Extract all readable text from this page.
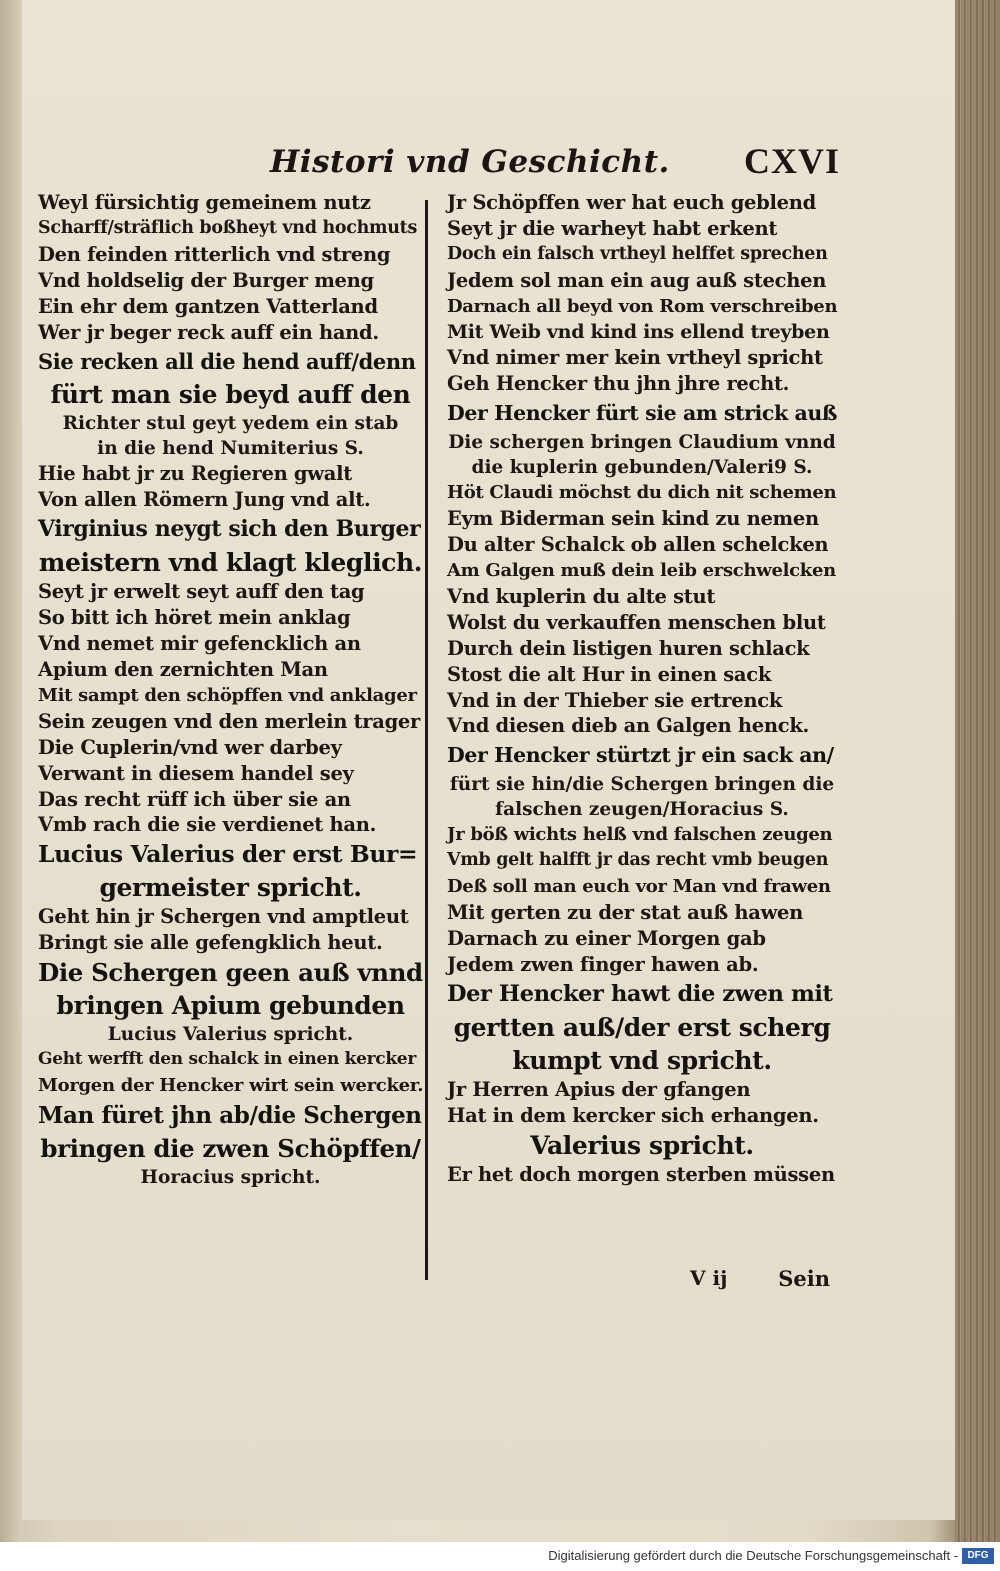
Histori vnd Geschicht. CXVI
Weyl fürsichtig gemeinem nutz
Scharff/sträflich boßheyt vnd hochmuts
Den feinden ritterlich vnd streng
Vnd holdselig der Burger meng
Ein ehr dem gantzen Vatterland
Wer jr beger reck auff ein hand.
Sie recken all die hend auff/denn
fürt man sie beyd auff den
Richter stul geyt yedem ein stab
in die hend Numiterius S.
Hie habt jr zu Regieren gwalt
Von allen Römern Jung vnd alt.
Virginius neygt sich den Burger
meistern vnd klagt kleglich.
Seyt jr erwelt seyt auff den tag
So bitt ich höret mein anklag
Vnd nemet mir gefencklich an
Apium den zernichten Man
Mit sampt den schöpffen vnd anklager
Sein zeugen vnd den merlein trager
Die Cuplerin/vnd wer darbey
Verwant in diesem handel sey
Das recht rüff ich über sie an
Vmb rach die sie verdienet han.
Lucius Valerius der erst Bur=
germeister spricht.
Geht hin jr Schergen vnd amptleut
Bringt sie alle gefengklich heut.
Die Schergen geen auß vnnd
bringen Apium gebunden
Lucius Valerius spricht.
Geht werfft den schalck in einen kercker
Morgen der Hencker wirt sein wercker.
Man füret jhn ab/die Schergen
bringen die zwen Schöpffen/
Horacius spricht.
Jr Schöpffen wer hat euch geblend
Seyt jr die warheyt habt erkent
Doch ein falsch vrtheyl helffet sprechen
Jedem sol man ein aug auß stechen
Darnach all beyd von Rom verschreiben
Mit Weib vnd kind ins ellend treyben
Vnd nimer mer kein vrtheyl spricht
Geh Hencker thu jhn jhre recht.
Der Hencker fürt sie am strick auß
Die schergen bringen Claudium vnnd
die kuplerin gebunden/Valeri9 S.
Höt Claudi möchst du dich nit schemen
Eym Biderman sein kind zu nemen
Du alter Schalck ob allen schelcken
Am Galgen muß dein leib erschwelcken
Vnd kuplerin du alte stut
Wolst du verkauffen menschen blut
Durch dein listigen huren schlack
Stost die alt Hur in einen sack
Vnd in der Thieber sie ertrenck
Vnd diesen dieb an Galgen henck.
Der Hencker stürtzt jr ein sack an/
fürt sie hin/die Schergen bringen die
falschen zeugen/Horacius S.
Jr böß wichts helß vnd falschen zeugen
Vmb gelt halfft jr das recht vmb beugen
Deß soll man euch vor Man vnd frawen
Mit gerten zu der stat auß hawen
Darnach zu einer Morgen gab
Jedem zwen finger hawen ab.
Der Hencker hawt die zwen mit
gertten auß/der erst scherg
kumpt vnd spricht.
Jr Herren Apius der gfangen
Hat in dem kercker sich erhangen.
Valerius spricht.
Er het doch morgen sterben müssen
V ij Sein
Digitalisierung gefördert durch die Deutsche Forschungsgemeinschaft - DFG
